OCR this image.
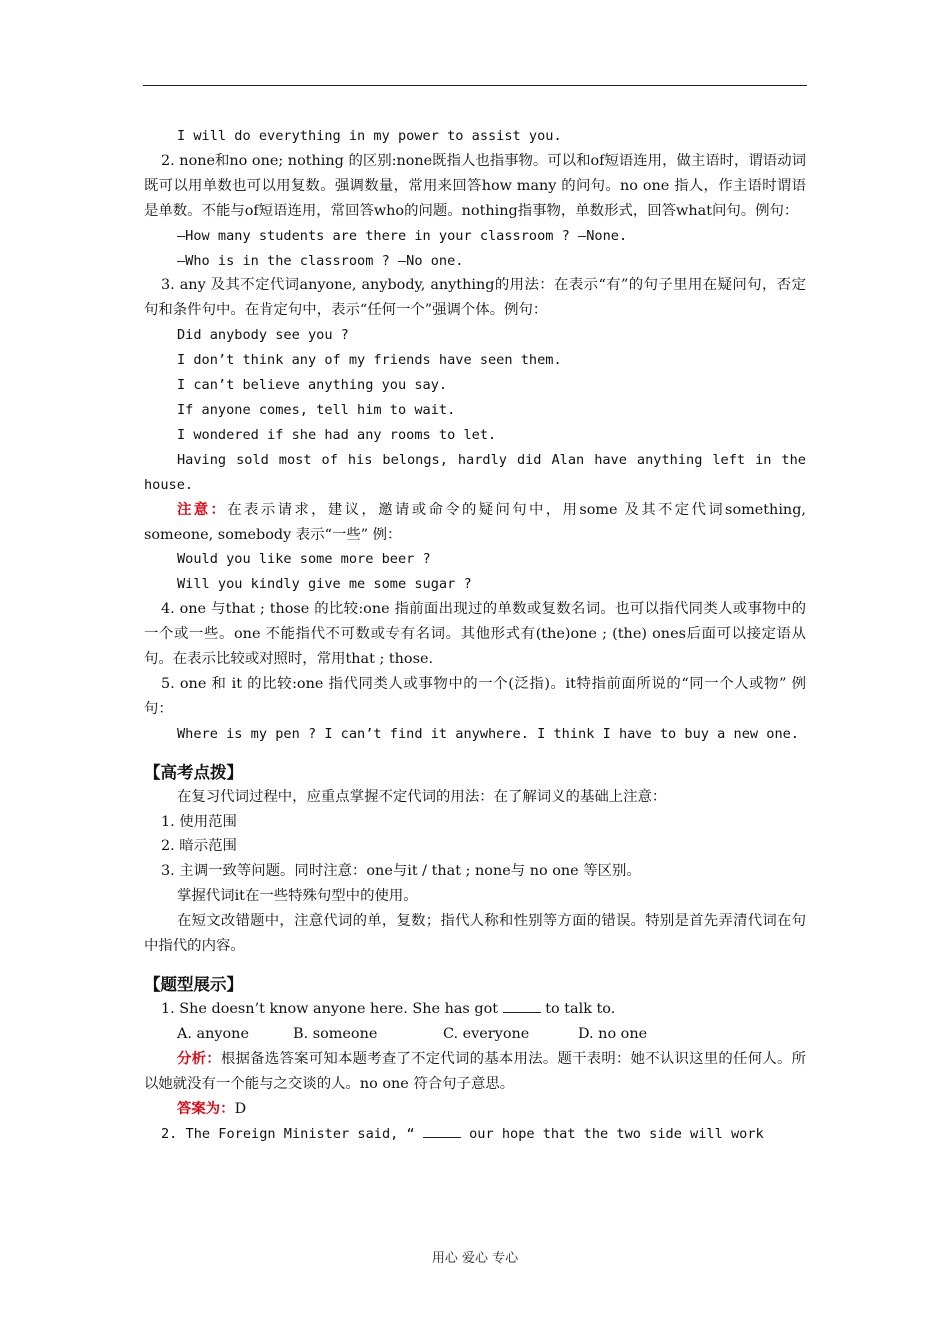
I will do everything in my power to assist you.

2. none和no one; nothing 的区别:none既指人也指事物。可以和of短语连用，做主语时，谓语动词既可以用单数也可以用复数。强调数量，常用来回答how many 的问句。no one 指人，作主语时谓语是单数。不能与of短语连用，常回答who的问题。nothing指事物，单数形式，回答what问句。例句：

—How many students are there in your classroom ? —None.

—Who is in the classroom ? —No one.

3. any 及其不定代词anyone, anybody, anything的用法：在表示“有”的句子里用在疑问句，否定句和条件句中。在肯定句中，表示“任何一个”强调个体。例句：

Did anybody see you ?

I don’t think any of my friends have seen them.

I can’t believe anything you say.

If anyone comes, tell him to wait.

I wondered if she had any rooms to let.

Having sold most of his belongs, hardly did Alan have anything left in the house.

注意：在表示请求，建议，邀请或命令的疑问句中，用some 及其不定代词something, someone, somebody 表示“一些” 例：

Would you like some more beer ?

Will you kindly give me some sugar ?

4. one 与that ; those 的比较:one 指前面出现过的单数或复数名词。也可以指代同类人或事物中的一个或一些。one 不能指代不可数或专有名词。其他形式有(the)one ; (the) ones后面可以接定语从句。在表示比较或对照时，常用that ; those.

5. one 和 it 的比较:one 指代同类人或事物中的一个(泛指)。it特指前面所说的“同一个人或物” 例句：

Where is my pen ? I can’t find it anywhere. I think I have to buy a new one.

【高考点拨】

在复习代词过程中，应重点掌握不定代词的用法：在了解词义的基础上注意：

1. 使用范围

2. 暗示范围

3. 主调一致等问题。同时注意：one与it / that ; none与 no one 等区别。

掌握代词it在一些特殊句型中的使用。

在短文改错题中，注意代词的单，复数；指代人称和性别等方面的错误。特别是首先弄清代词在句中指代的内容。

【题型展示】

1. She doesn’t know anyone here. She has got	to talk to.

A. anyone	B. someone	C. everyone	D. no one

分析：根据备选答案可知本题考查了不定代词的基本用法。题干表明：她不认识这里的任何人。所以她就没有一个能与之交谈的人。no one 符合句子意思。

答案为：D

2. The Foreign Minister said, “	our hope that the two side will work

用心 爱心 专心
